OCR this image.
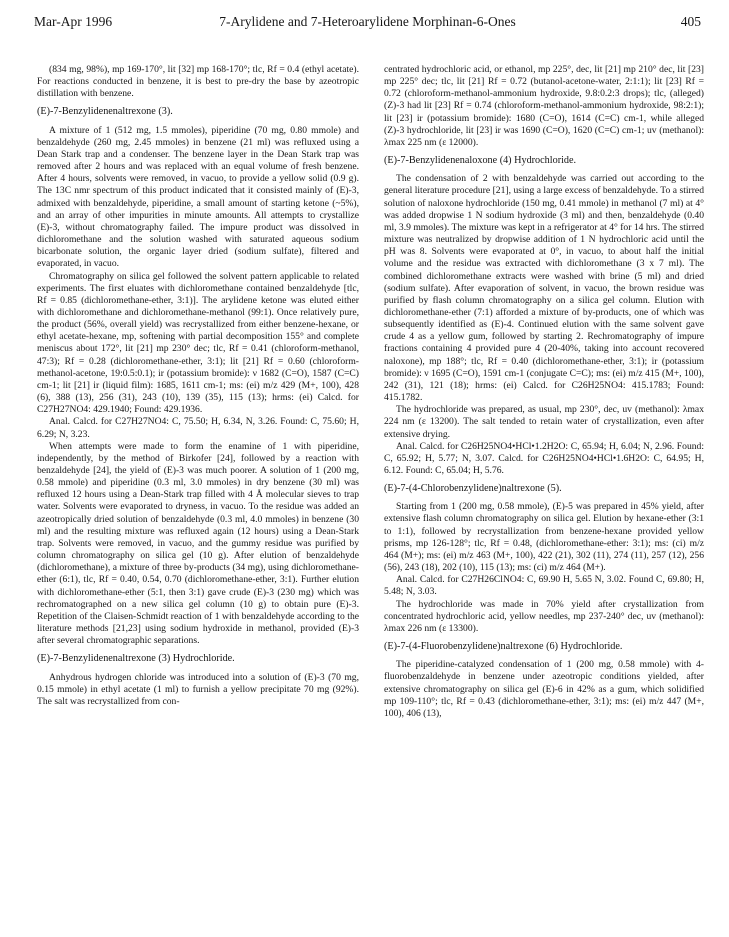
Mar-Apr 1996	7-Arylidene and 7-Heteroarylidene Morphinan-6-Ones	405

(834 mg, 98%), mp 169-170°, lit [32] mp 168-170°; tlc, Rf = 0.4 (ethyl acetate). For reactions conducted in benzene, it is best to pre-dry the base by azeotropic distillation with benzene.

(E)-7-Benzylidenenaltrexone (3).

A mixture of 1 (512 mg, 1.5 mmoles), piperidine (70 mg, 0.80 mmole) and benzaldehyde (260 mg, 2.45 mmoles) in benzene (21 ml) was refluxed using a Dean Stark trap and a condenser. The benzene layer in the Dean Stark trap was removed after 2 hours and was replaced with an equal volume of fresh benzene. After 4 hours, solvents were removed, in vacuo, to provide a yellow solid (0.9 g). The 13C nmr spectrum of this product indicated that it consisted mainly of (E)-3, admixed with benzaldehyde, piperidine, a small amount of starting ketone (~5%), and an array of other impurities in minute amounts. All attempts to crystallize (E)-3, without chromatography failed. The impure product was dissolved in dichloromethane and the solution washed with saturated aqueous sodium bicarbonate solution, the organic layer dried (sodium sulfate), filtered and evaporated, in vacuo.

Chromatography on silica gel followed the solvent pattern applicable to related experiments. The first eluates with dichloromethane contained benzaldehyde [tlc, Rf = 0.85 (dichloromethane-ether, 3:1)]. The arylidene ketone was eluted either with dichloromethane and dichloromethane-methanol (99:1). Once relatively pure, the product (56%, overall yield) was recrystallized from either benzene-hexane, or ethyl acetate-hexane, mp, softening with partial decomposition 155° and complete meniscus about 172°, lit [21] mp 230° dec; tlc, Rf = 0.41 (chloroform-methanol, 47:3); Rf = 0.28 (dichloromethane-ether, 3:1); lit [21] Rf = 0.60 (chloroform-methanol-acetone, 19:0.5:0.1); ir (potassium bromide): ν 1682 (C=O), 1587 (C=C) cm-1; lit [21] ir (liquid film): 1685, 1611 cm-1; ms: (ei) m/z 429 (M+, 100), 428 (6), 388 (13), 256 (31), 243 (10), 139 (35), 115 (13); hrms: (ei) Calcd. for C27H27NO4: 429.1940; Found: 429.1936.

Anal. Calcd. for C27H27NO4: C, 75.50; H, 6.34, N, 3.26. Found: C, 75.60; H, 6.29; N, 3.23.

When attempts were made to form the enamine of 1 with piperidine, independently, by the method of Birkofer [24], followed by a reaction with benzaldehyde [24], the yield of (E)-3 was much poorer. A solution of 1 (200 mg, 0.58 mmole) and piperidine (0.3 ml, 3.0 mmoles) in dry benzene (30 ml) was refluxed 12 hours using a Dean-Stark trap filled with 4 Å molecular sieves to trap water. Solvents were evaporated to dryness, in vacuo. To the residue was added an azeotropically dried solution of benzaldehyde (0.3 ml, 4.0 mmoles) in benzene (30 ml) and the resulting mixture was refluxed again (12 hours) using a Dean-Stark trap. Solvents were removed, in vacuo, and the gummy residue was purified by column chromatography on silica gel (10 g). After elution of benzaldehyde (dichloromethane), a mixture of three by-products (34 mg), using dichloromethane-ether (6:1), tlc, Rf = 0.40, 0.54, 0.70 (dichloromethane-ether, 3:1). Further elution with dichloromethane-ether (5:1, then 3:1) gave crude (E)-3 (230 mg) which was rechromatographed on a new silica gel column (10 g) to obtain pure (E)-3. Repetition of the Claisen-Schmidt reaction of 1 with benzaldehyde according to the literature methods [21,23] using sodium hydroxide in methanol, provided (E)-3 after several chromatographic separations.

(E)-7-Benzylidenenaltrexone (3) Hydrochloride.

Anhydrous hydrogen chloride was introduced into a solution of (E)-3 (70 mg, 0.15 mmole) in ethyl acetate (1 ml) to furnish a yellow precipitate 70 mg (92%). The salt was recrystallized from con-

centrated hydrochloric acid, or ethanol, mp 225°, dec, lit [21] mp 210° dec, lit [23] mp 225° dec; tlc, lit [21] Rf = 0.72 (butanol-acetone-water, 2:1:1); lit [23] Rf = 0.72 (chloroform-methanol-ammonium hydroxide, 9.8:0.2:3 drops); tlc, (alleged) (Z)-3 had lit [23] Rf = 0.74 (chloroform-methanol-ammonium hydroxide, 98:2:1); lit [23] ir (potassium bromide): 1680 (C=O), 1614 (C=C) cm-1, while alleged (Z)-3 hydrochloride, lit [23] ir was 1690 (C=O), 1620 (C=C) cm-1; uv (methanol): λmax 225 nm (ε 12000).

(E)-7-Benzylidenenaloxone (4) Hydrochloride.

The condensation of 2 with benzaldehyde was carried out according to the general literature procedure [21], using a large excess of benzaldehyde. To a stirred solution of naloxone hydrochloride (150 mg, 0.41 mmole) in methanol (7 ml) at 4° was added dropwise 1 N sodium hydroxide (3 ml) and then, benzaldehyde (0.40 ml, 3.9 mmoles). The mixture was kept in a refrigerator at 4° for 14 hrs. The stirred mixture was neutralized by dropwise addition of 1 N hydrochloric acid until the pH was 8. Solvents were evaporated at 0°, in vacuo, to about half the initial volume and the residue was extracted with dichloromethane (3 x 7 ml). The combined dichloromethane extracts were washed with brine (5 ml) and dried (sodium sulfate). After evaporation of solvent, in vacuo, the brown residue was purified by flash column chromatography on a silica gel column. Elution with dichloromethane-ether (7:1) afforded a mixture of by-products, one of which was subsequently identified as (E)-4. Continued elution with the same solvent gave crude 4 as a yellow gum, followed by starting 2. Rechromatography of impure fractions containing 4 provided pure 4 (20-40%, taking into account recovered naloxone), mp 188°; tlc, Rf = 0.40 (dichloromethane-ether, 3:1); ir (potassium bromide): ν 1695 (C=O), 1591 cm-1 (conjugate C=C); ms: (ei) m/z 415 (M+, 100), 242 (31), 121 (18); hrms: (ei) Calcd. for C26H25NO4: 415.1783; Found: 415.1782.

The hydrochloride was prepared, as usual, mp 230°, dec, uv (methanol): λmax 224 nm (ε 13200). The salt tended to retain water of crystallization, even after extensive drying.

Anal. Calcd. for C26H25NO4•HCl•1.2H2O: C, 65.94; H, 6.04; N, 2.96. Found: C, 65.92; H, 5.77; N, 3.07. Calcd. for C26H25NO4•HCl•1.6H2O: C, 64.95; H, 6.12. Found: C, 65.04; H, 5.76.

(E)-7-(4-Chlorobenzylidene)naltrexone (5).

Starting from 1 (200 mg, 0.58 mmole), (E)-5 was prepared in 45% yield, after extensive flash column chromatography on silica gel. Elution by hexane-ether (3:1 to 1:1), followed by recrystallization from benzene-hexane provided yellow prisms, mp 126-128°; tlc, Rf = 0.48, (dichloromethane-ether: 3:1); ms: (ci) m/z 464 (M+); ms: (ei) m/z 463 (M+, 100), 422 (21), 302 (11), 274 (11), 257 (12), 256 (56), 243 (18), 202 (10), 115 (13); ms: (ci) m/z 464 (M+).

Anal. Calcd. for C27H26ClNO4: C, 69.90 H, 5.65 N, 3.02. Found C, 69.80; H, 5.48; N, 3.03.

The hydrochloride was made in 70% yield after crystallization from concentrated hydrochloric acid, yellow needles, mp 237-240° dec, uv (methanol): λmax 226 nm (ε 13300).

(E)-7-(4-Fluorobenzylidene)naltrexone (6) Hydrochloride.

The piperidine-catalyzed condensation of 1 (200 mg, 0.58 mmole) with 4-fluorobenzaldehyde in benzene under azeotropic conditions yielded, after extensive chromatography on silica gel (E)-6 in 42% as a gum, which solidified mp 109-110°; tlc, Rf = 0.43 (dichloromethane-ether, 3:1); ms: (ei) m/z 447 (M+, 100), 406 (13),
